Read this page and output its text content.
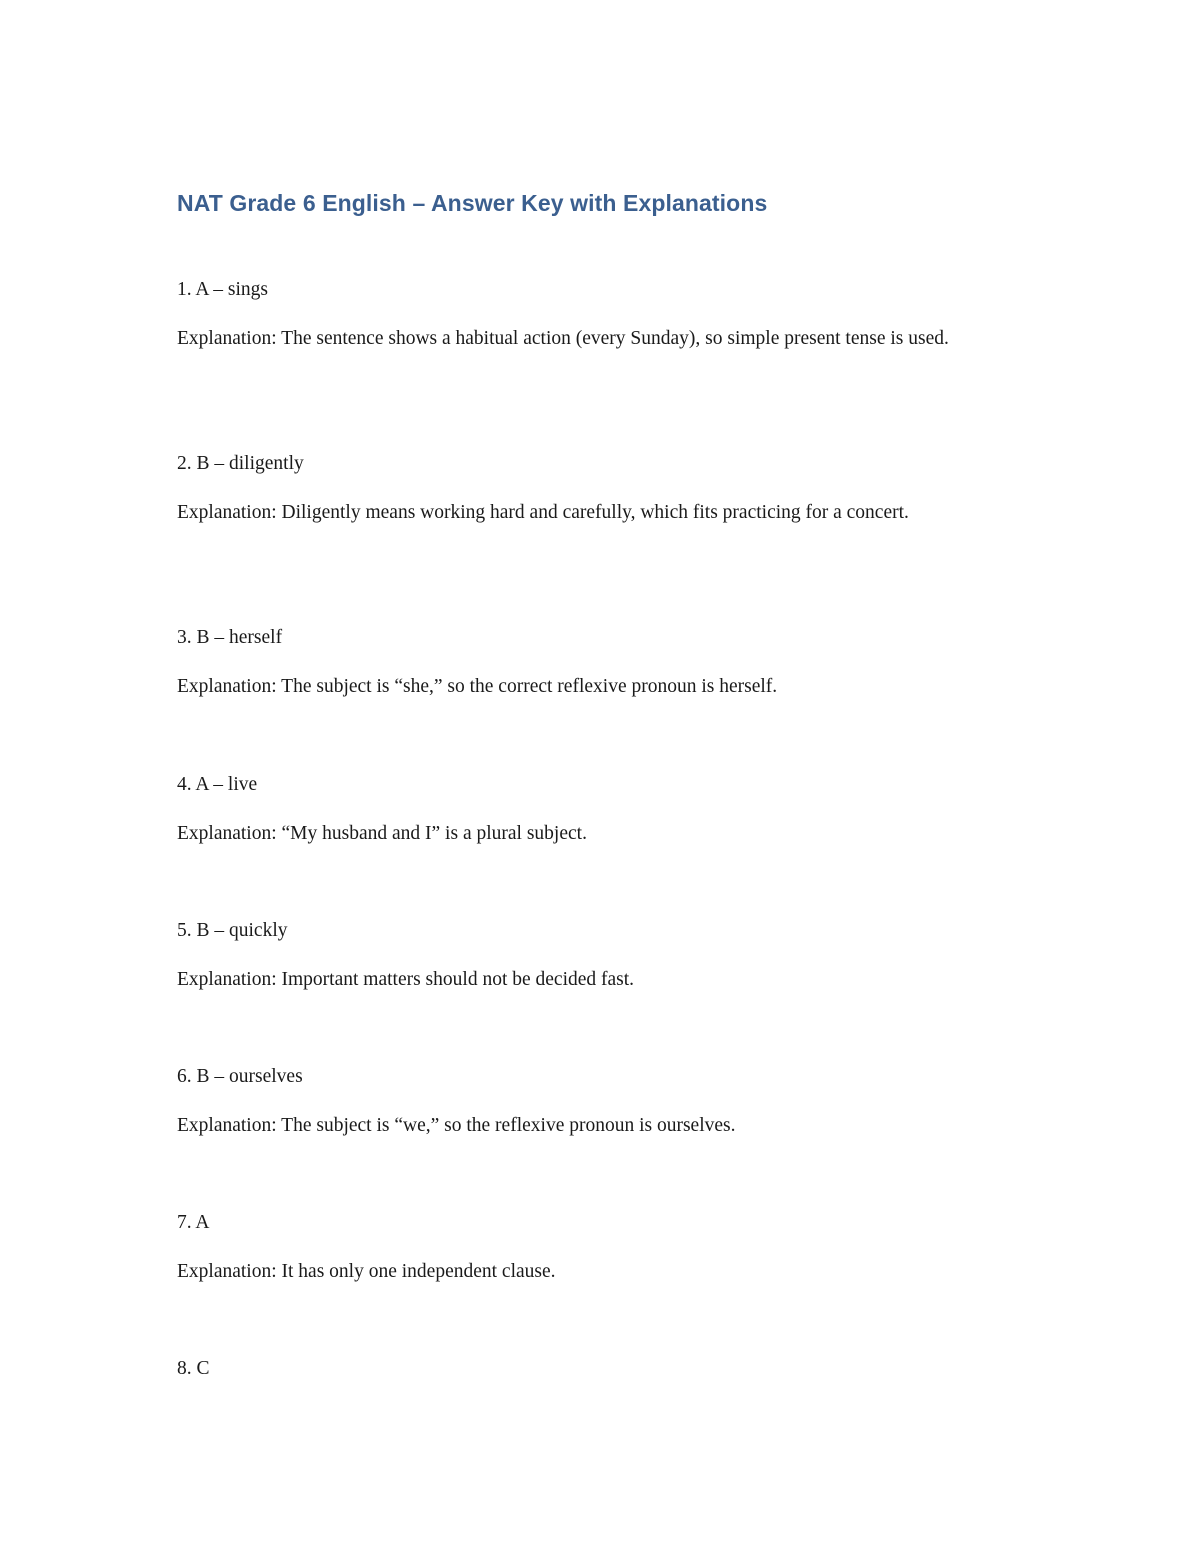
NAT Grade 6 English – Answer Key with Explanations

1. A – sings

Explanation: The sentence shows a habitual action (every Sunday), so simple present tense is used.

2. B – diligently

Explanation: Diligently means working hard and carefully, which fits practicing for a concert.

3. B – herself

Explanation: The subject is “she,” so the correct reflexive pronoun is herself.

4. A – live

Explanation: “My husband and I” is a plural subject.

5. B – quickly

Explanation: Important matters should not be decided fast.

6. B – ourselves

Explanation: The subject is “we,” so the reflexive pronoun is ourselves.

7. A

Explanation: It has only one independent clause.

8. C
